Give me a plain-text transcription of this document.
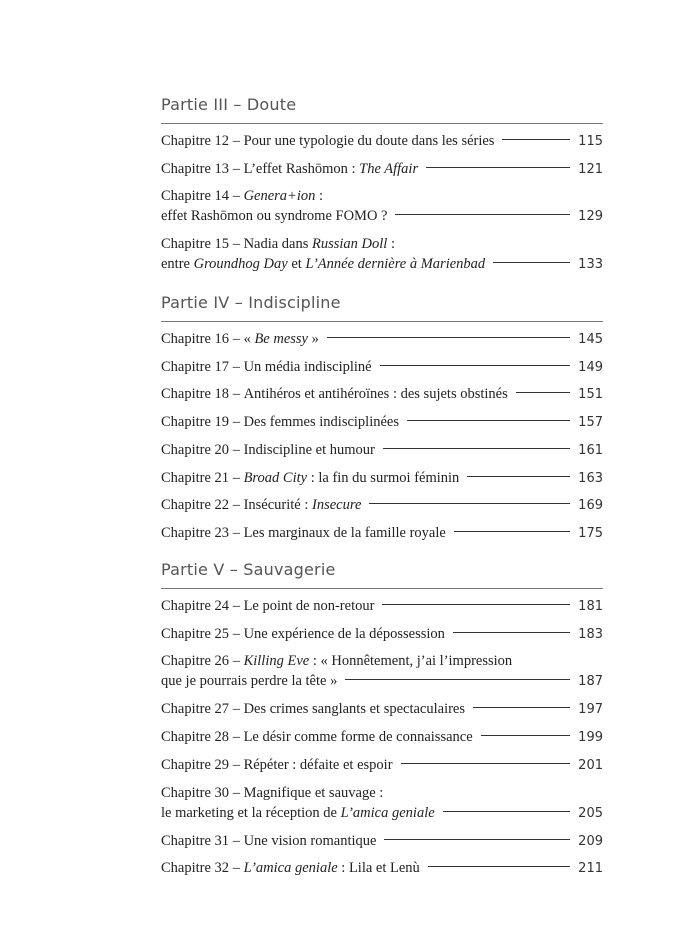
Partie III – Doute
Chapitre 12 – Pour une typologie du doute dans les séries	115
Chapitre 13 – L’effet Rashōmon : The Affair	121
Chapitre 14 – Genera+ion :
effet Rashōmon ou syndrome FOMO ?	129
Chapitre 15 – Nadia dans Russian Doll :
entre Groundhog Day et L’Année dernière à Marienbad	133
Partie IV – Indiscipline
Chapitre 16 – « Be messy »	145
Chapitre 17 – Un média indiscipliné	149
Chapitre 18 – Antihéros et antihéroïnes : des sujets obstinés	151
Chapitre 19 – Des femmes indisciplinées	157
Chapitre 20 – Indiscipline et humour	161
Chapitre 21 – Broad City : la fin du surmoi féminin	163
Chapitre 22 – Insécurité : Insecure	169
Chapitre 23 – Les marginaux de la famille royale	175
Partie V – Sauvagerie
Chapitre 24 – Le point de non-retour	181
Chapitre 25 – Une expérience de la dépossession	183
Chapitre 26 – Killing Eve : « Honnêtement, j’ai l’impression
que je pourrais perdre la tête »	187
Chapitre 27 – Des crimes sanglants et spectaculaires	197
Chapitre 28 – Le désir comme forme de connaissance	199
Chapitre 29 – Répéter : défaite et espoir	201
Chapitre 30 – Magnifique et sauvage :
le marketing et la réception de L’amica geniale	205
Chapitre 31 – Une vision romantique	209
Chapitre 32 – L’amica geniale : Lila et Lenù	211
